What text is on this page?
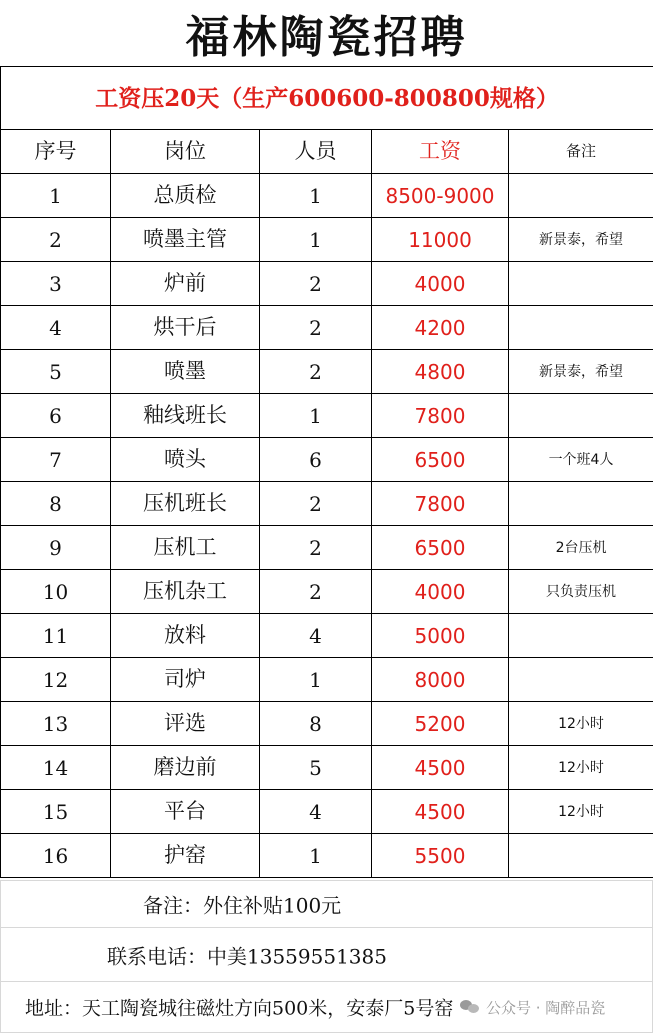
福林陶瓷招聘
工资压20天（生产600600-800800规格）				
序号	岗位	人员	工资	备注
1	总质检	1	8500-9000	
2	喷墨主管	1	11000	新景泰，希望
3	炉前	2	4000	
4	烘干后	2	4200	
5	喷墨	2	4800	新景泰，希望
6	釉线班长	1	7800	
7	喷头	6	6500	一个班4人
8	压机班长	2	7800	
9	压机工	2	6500	2台压机
10	压机杂工	2	4000	只负责压机
11	放料	4	5000	
12	司炉	1	8000	
13	评选	8	5200	12小时
14	磨边前	5	4500	12小时
15	平台	4	4500	12小时
16	护窑	1	5500	
备注：外住补贴100元
联系电话：中美13559551385
地址：天工陶瓷城往磁灶方向500米，安泰厂5号窑 公众号 · 陶醉品瓷
